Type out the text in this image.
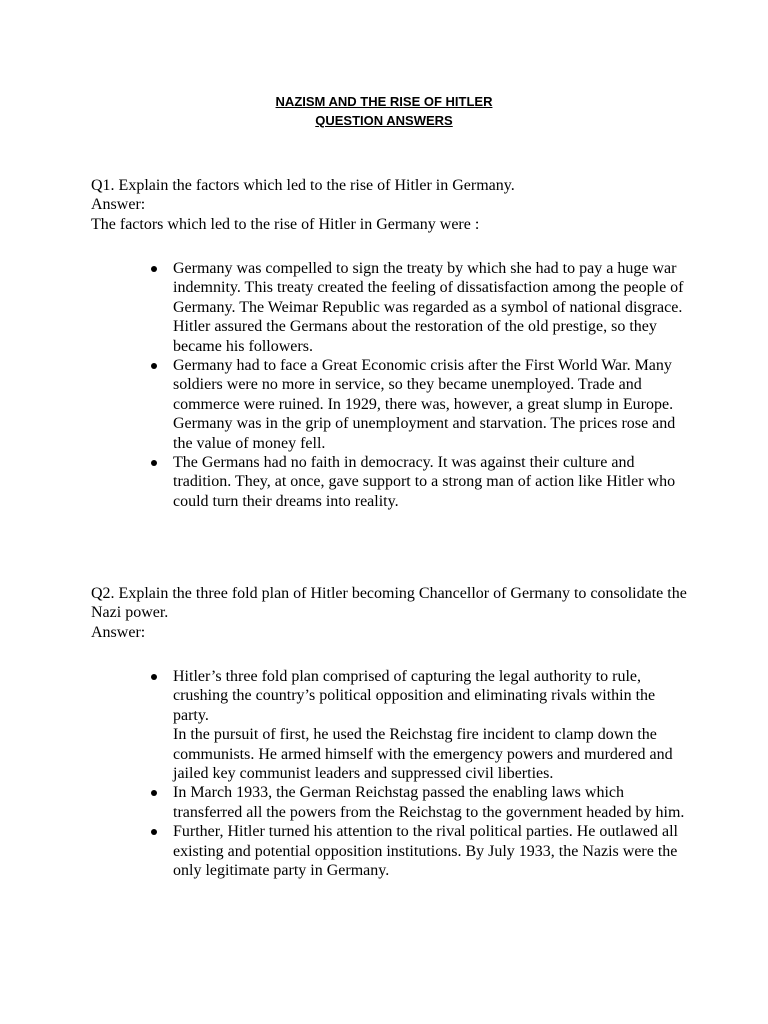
NAZISM AND THE RISE OF HITLER
QUESTION ANSWERS
Q1. Explain the factors which led to the rise of Hitler in Germany.
Answer:
The factors which led to the rise of Hitler in Germany were :
Germany was compelled to sign the treaty by which she had to pay a huge war indemnity. This treaty created the feeling of dissatisfaction among the people of Germany. The Weimar Republic was regarded as a symbol of national disgrace. Hitler assured the Germans about the restoration of the old prestige, so they became his followers.
Germany had to face a Great Economic crisis after the First World War. Many soldiers were no more in service, so they became unemployed. Trade and commerce were ruined. In 1929, there was, however, a great slump in Europe. Germany was in the grip of unemployment and starvation. The prices rose and the value of money fell.
The Germans had no faith in democracy. It was against their culture and tradition. They, at once, gave support to a strong man of action like Hitler who could turn their dreams into reality.
Q2. Explain the three fold plan of Hitler becoming Chancellor of Germany to consolidate the Nazi power.
Answer:
Hitler’s three fold plan comprised of capturing the legal authority to rule, crushing the country’s political opposition and eliminating rivals within the party.
In the pursuit of first, he used the Reichstag fire incident to clamp down the communists. He armed himself with the emergency powers and murdered and jailed key communist leaders and suppressed civil liberties.
In March 1933, the German Reichstag passed the enabling laws which transferred all the powers from the Reichstag to the government headed by him.
Further, Hitler turned his attention to the rival political parties. He outlawed all existing and potential opposition institutions. By July 1933, the Nazis were the only legitimate party in Germany.
